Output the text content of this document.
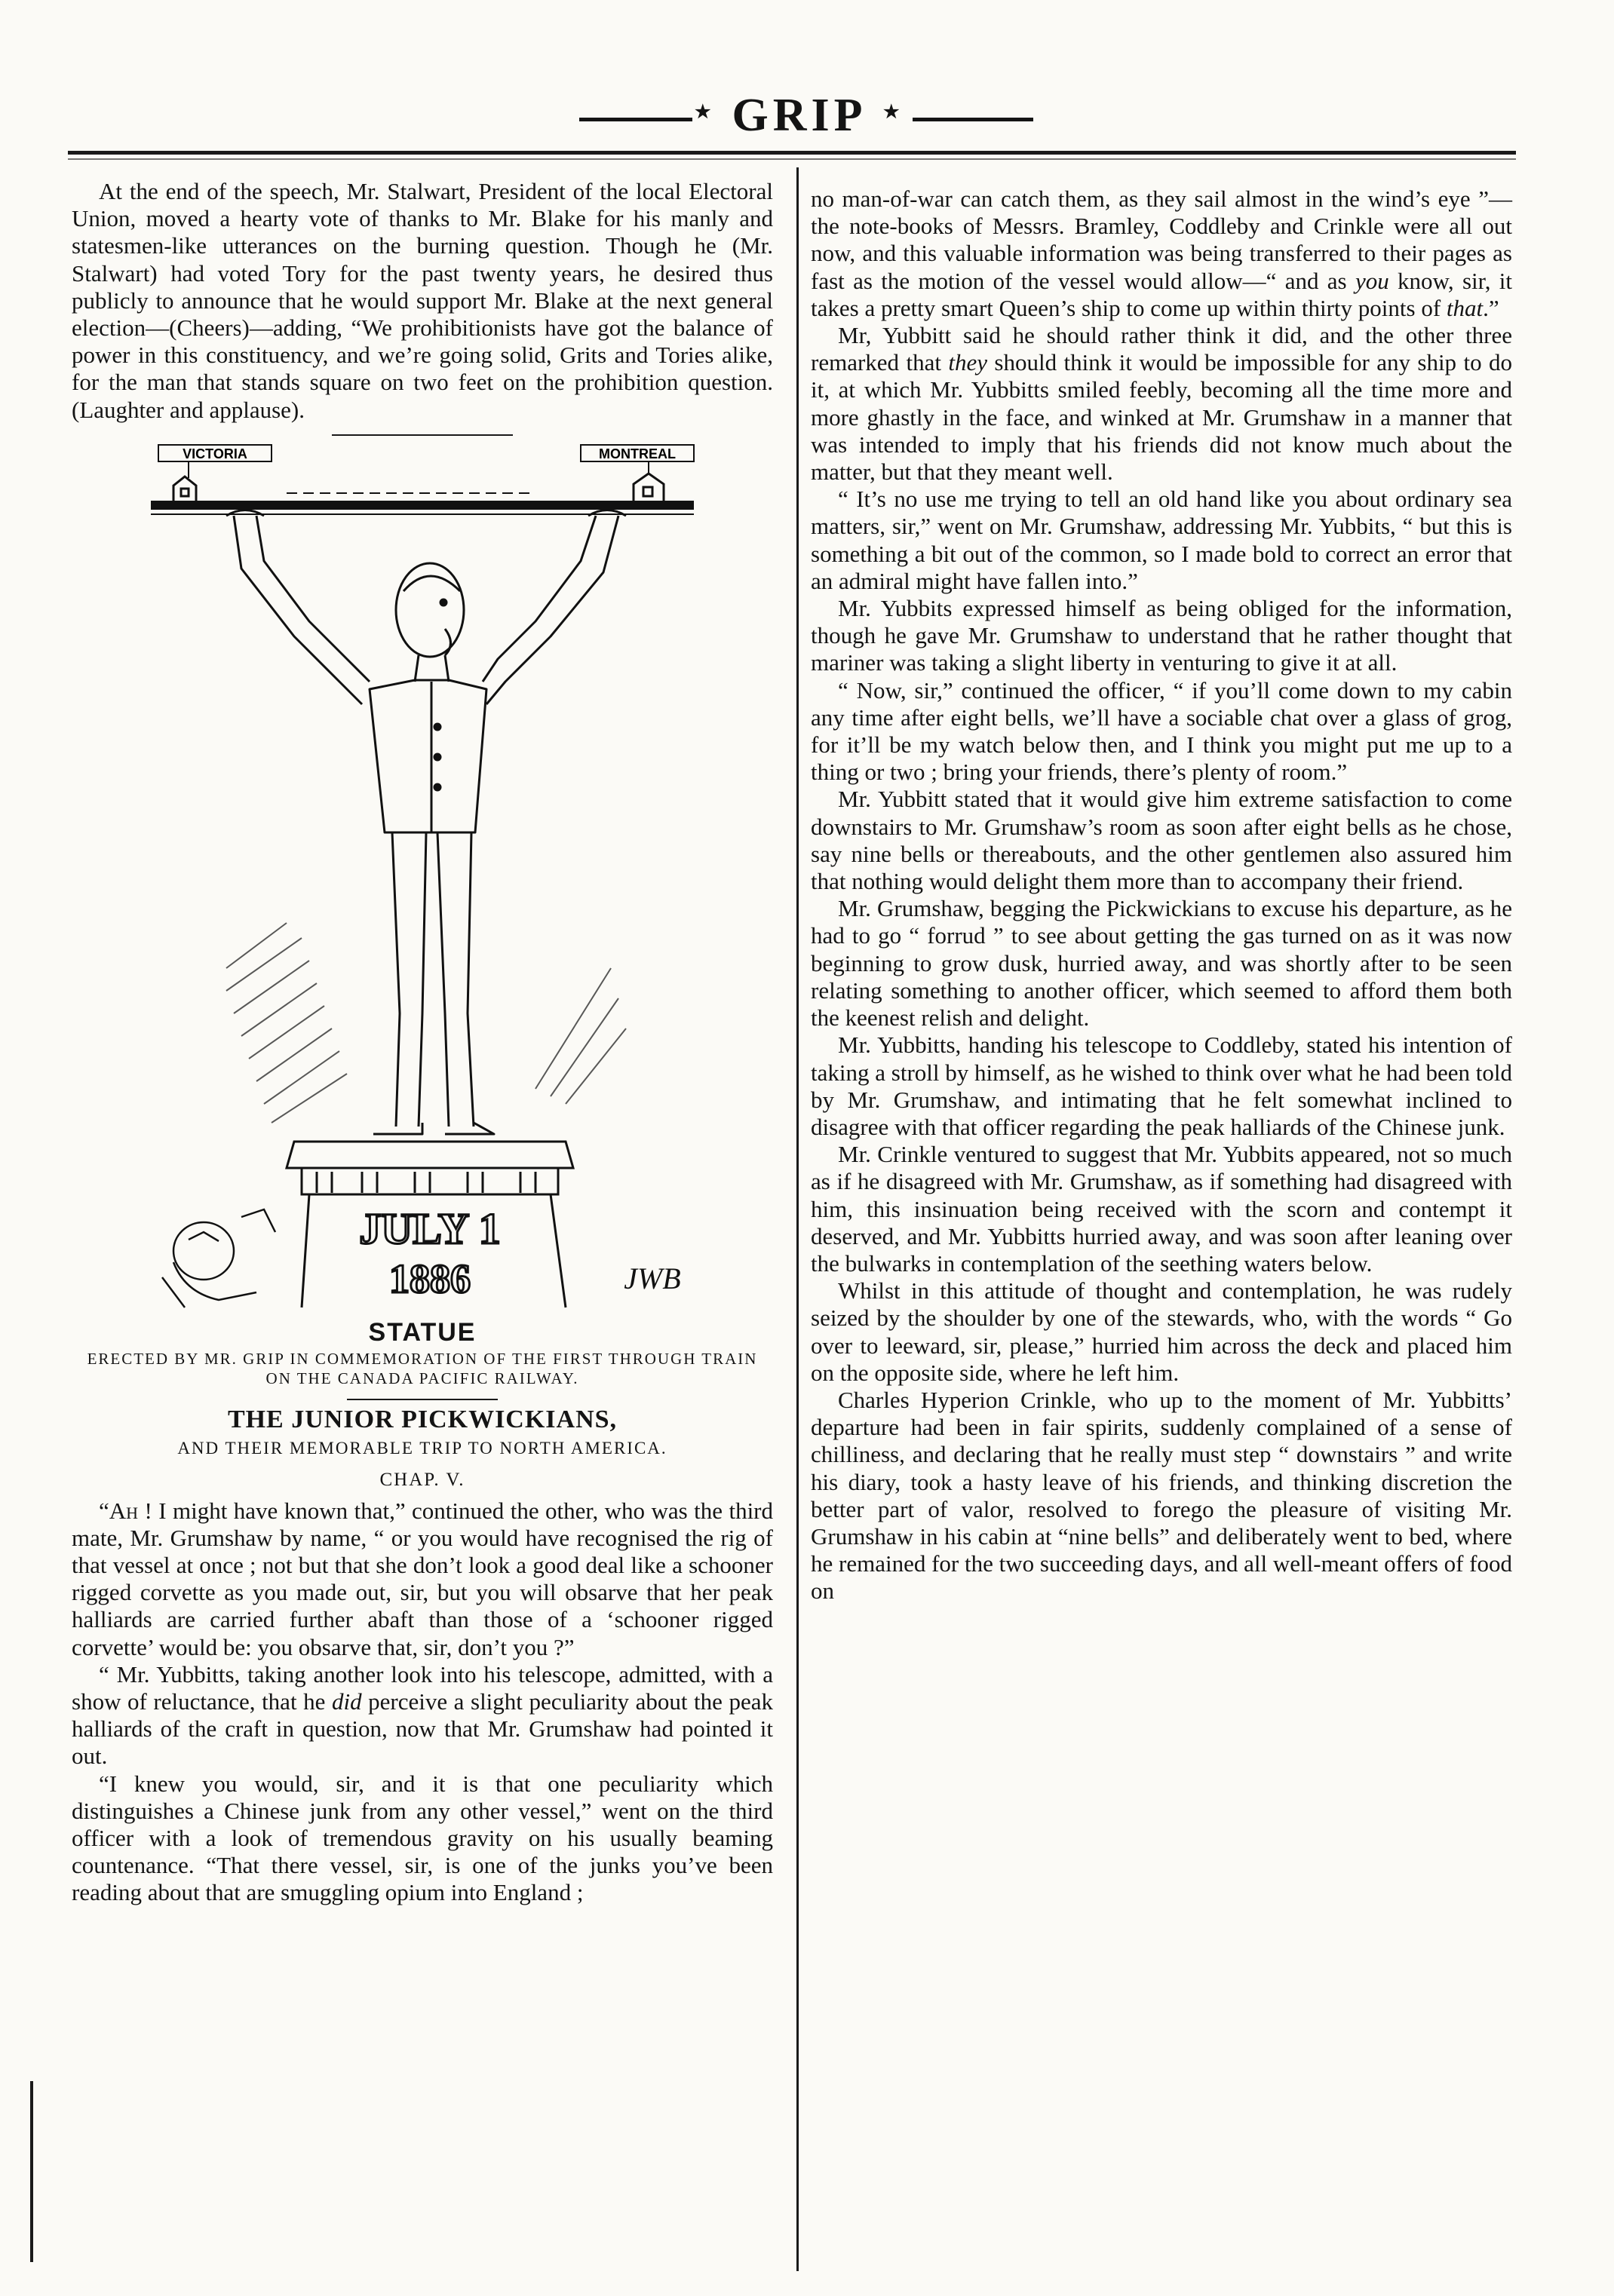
⋆ GRIP ⋆

At the end of the speech, Mr. Stalwart, President of the local Electoral Union, moved a hearty vote of thanks to Mr. Blake for his manly and statesmen-like utterances on the burning question. Though he (Mr. Stalwart) had voted Tory for the past twenty years, he desired thus publicly to announce that he would support Mr. Blake at the next general election—(Cheers)—adding, “We prohibitionists have got the balance of power in this constituency, and we’re going solid, Grits and Tories alike, for the man that stands square on two feet on the prohibition question. (Laughter and applause).

VICTORIA	MONTREAL
JULY 1
1886	JWB
STATUE
ERECTED BY MR. GRIP IN COMMEMORATION OF THE FIRST THROUGH TRAIN ON THE CANADA PACIFIC RAILWAY.
THE JUNIOR PICKWICKIANS,
AND THEIR MEMORABLE TRIP TO NORTH AMERICA.
CHAP. V.

“Ah ! I might have known that,” continued the other, who was the third mate, Mr. Grumshaw by name, “ or you would have recognised the rig of that vessel at once ; not but that she don’t look a good deal like a schooner rigged corvette as you made out, sir, but you will obsarve that her peak halliards are carried further abaft than those of a ‘schooner rigged corvette’ would be: you obsarve that, sir, don’t you ?”

“ Mr. Yubbitts, taking another look into his telescope, admitted, with a show of reluctance, that he did perceive a slight peculiarity about the peak halliards of the craft in question, now that Mr. Grumshaw had pointed it out.

“I knew you would, sir, and it is that one peculiarity which distinguishes a Chinese junk from any other vessel,” went on the third officer with a look of tremendous gravity on his usually beaming countenance. “That there vessel, sir, is one of the junks you’ve been reading about that are smuggling opium into England ;

no man-of-war can catch them, as they sail almost in the wind’s eye ”—the note-books of Messrs. Bramley, Coddleby and Crinkle were all out now, and this valuable information was being transferred to their pages as fast as the motion of the vessel would allow—“ and as you know, sir, it takes a pretty smart Queen’s ship to come up within thirty points of that.”

Mr, Yubbitt said he should rather think it did, and the other three remarked that they should think it would be impossible for any ship to do it, at which Mr. Yubbitts smiled feebly, becoming all the time more and more ghastly in the face, and winked at Mr. Grumshaw in a manner that was intended to imply that his friends did not know much about the matter, but that they meant well.

“ It’s no use me trying to tell an old hand like you about ordinary sea matters, sir,” went on Mr. Grumshaw, addressing Mr. Yubbits, “ but this is something a bit out of the common, so I made bold to correct an error that an admiral might have fallen into.”

Mr. Yubbits expressed himself as being obliged for the information, though he gave Mr. Grumshaw to understand that he rather thought that mariner was taking a slight liberty in venturing to give it at all.

“ Now, sir,” continued the officer, “ if you’ll come down to my cabin any time after eight bells, we’ll have a sociable chat over a glass of grog, for it’ll be my watch below then, and I think you might put me up to a thing or two ; bring your friends, there’s plenty of room.”

Mr. Yubbitt stated that it would give him extreme satisfaction to come downstairs to Mr. Grumshaw’s room as soon after eight bells as he chose, say nine bells or thereabouts, and the other gentlemen also assured him that nothing would delight them more than to accompany their friend.

Mr. Grumshaw, begging the Pickwickians to excuse his departure, as he had to go “ forrud ” to see about getting the gas turned on as it was now beginning to grow dusk, hurried away, and was shortly after to be seen relating something to another officer, which seemed to afford them both the keenest relish and delight.

Mr. Yubbitts, handing his telescope to Coddleby, stated his intention of taking a stroll by himself, as he wished to think over what he had been told by Mr. Grumshaw, and intimating that he felt somewhat inclined to disagree with that officer regarding the peak halliards of the Chinese junk.

Mr. Crinkle ventured to suggest that Mr. Yubbits appeared, not so much as if he disagreed with Mr. Grumshaw, as if something had disagreed with him, this insinuation being received with the scorn and contempt it deserved, and Mr. Yubbitts hurried away, and was soon after leaning over the bulwarks in contemplation of the seething waters below.

Whilst in this attitude of thought and contemplation, he was rudely seized by the shoulder by one of the stewards, who, with the words “ Go over to leeward, sir, please,” hurried him across the deck and placed him on the opposite side, where he left him.

Charles Hyperion Crinkle, who up to the moment of Mr. Yubbitts’ departure had been in fair spirits, suddenly complained of a sense of chilliness, and declaring that he really must step “ downstairs ” and write his diary, took a hasty leave of his friends, and thinking discretion the better part of valor, resolved to forego the pleasure of visiting Mr. Grumshaw in his cabin at “nine bells” and deliberately went to bed, where he remained for the two succeeding days, and all well-meant offers of food on
